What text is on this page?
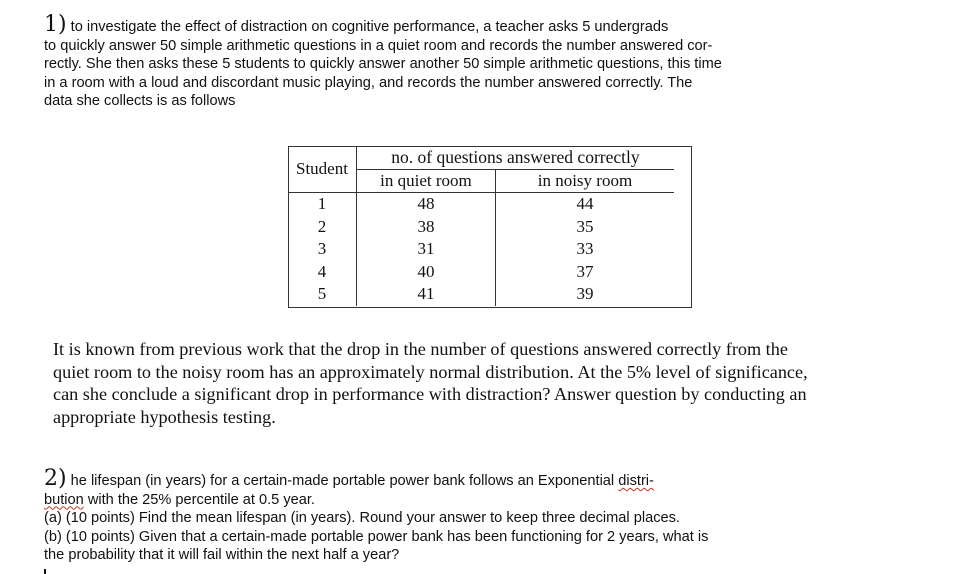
1) to investigate the effect of distraction on cognitive performance, a teacher asks 5 undergrads

to quickly answer 50 simple arithmetic questions in a quiet room and records the number answered cor-

rectly. She then asks these 5 students to quickly answer another 50 simple arithmetic questions, this time

in a room with a loud and discordant music playing, and records the number answered correctly. The

data she collects is as follows

Student	no. of questions answered correctly	
	in quiet room	in noisy room
1	48	44
2	38	35
3	31	33
4	40	37
5	41	39

It is known from previous work that the drop in the number of questions answered correctly from the

quiet room to the noisy room has an approximately normal distribution. At the 5% level of significance,

can she conclude a significant drop in performance with distraction? Answer question by conducting an

appropriate hypothesis testing.

2) he lifespan (in years) for a certain-made portable power bank follows an Exponential distri-

bution with the 25% percentile at 0.5 year.

(a) (10 points) Find the mean lifespan (in years). Round your answer to keep three decimal places.

(b) (10 points) Given that a certain-made portable power bank has been functioning for 2 years, what is

the probability that it will fail within the next half a year?
